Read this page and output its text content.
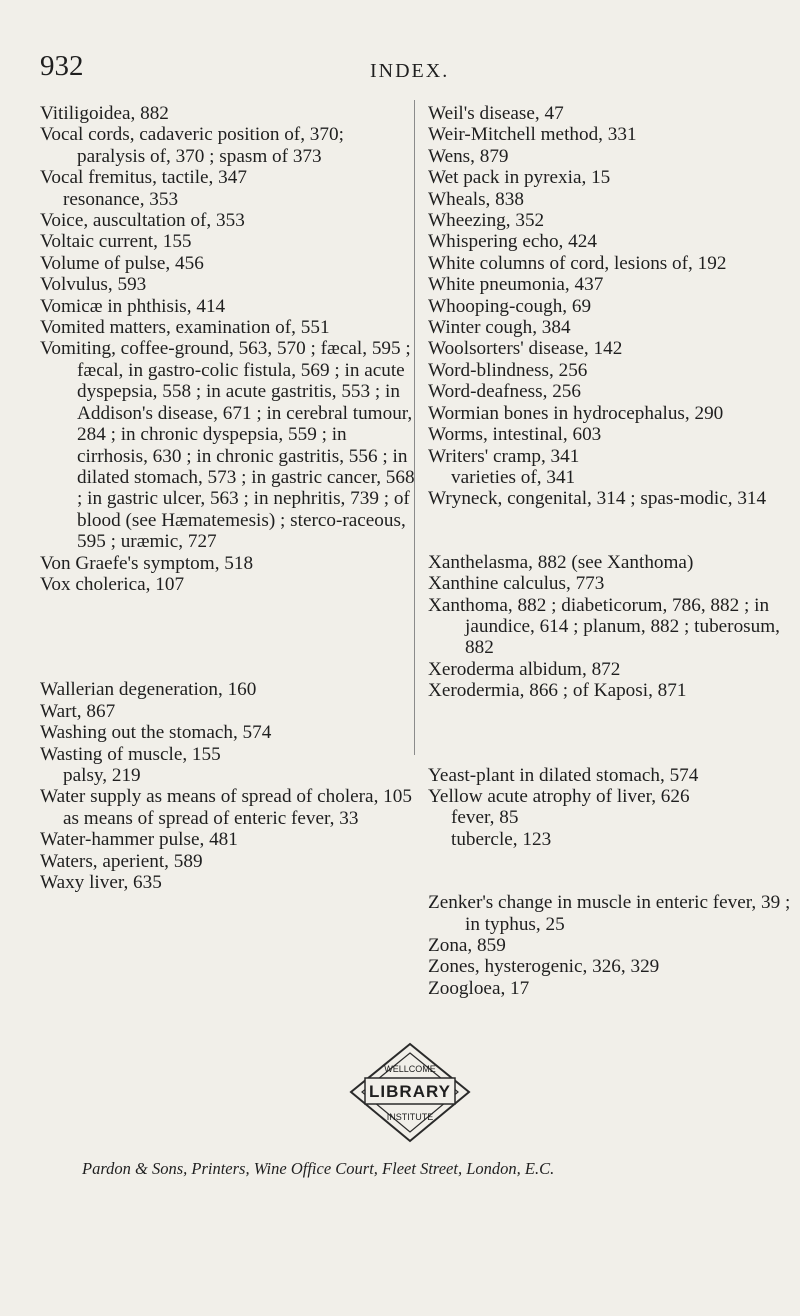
932	INDEX.
Vitiligoidea, 882
Vocal cords, cadaveric position of, 370; paralysis of, 370 ; spasm of 373
Vocal fremitus, tactile, 347
resonance, 353
Voice, auscultation of, 353
Voltaic current, 155
Volume of pulse, 456
Volvulus, 593
Vomicæ in phthisis, 414
Vomited matters, examination of, 551
Vomiting, coffee-ground, 563, 570 ; fæcal, 595 ; fæcal, in gastro-colic fistula, 569 ; in acute dyspepsia, 558 ; in acute gastritis, 553 ; in Addison's disease, 671 ; in cerebral tumour, 284 ; in chronic dyspepsia, 559 ; in cirrhosis, 630 ; in chronic gastritis, 556 ; in dilated stomach, 573 ; in gastric cancer, 568 ; in gastric ulcer, 563 ; in nephritis, 739 ; of blood (see Hæmatemesis) ; sterco-raceous, 595 ; uræmic, 727
Von Graefe's symptom, 518
Vox cholerica, 107
Wallerian degeneration, 160
Wart, 867
Washing out the stomach, 574
Wasting of muscle, 155
palsy, 219
Water supply as means of spread of cholera, 105
as means of spread of enteric fever, 33
Water-hammer pulse, 481
Waters, aperient, 589
Waxy liver, 635
Weil's disease, 47
Weir-Mitchell method, 331
Wens, 879
Wet pack in pyrexia, 15
Wheals, 838
Wheezing, 352
Whispering echo, 424
White columns of cord, lesions of, 192
White pneumonia, 437
Whooping-cough, 69
Winter cough, 384
Woolsorters' disease, 142
Word-blindness, 256
Word-deafness, 256
Wormian bones in hydrocephalus, 290
Worms, intestinal, 603
Writers' cramp, 341
varieties of, 341
Wryneck, congenital, 314 ; spas-modic, 314
Xanthelasma, 882 (see Xanthoma)
Xanthine calculus, 773
Xanthoma, 882 ; diabeticorum, 786, 882 ; in jaundice, 614 ; planum, 882 ; tuberosum, 882
Xeroderma albidum, 872
Xerodermia, 866 ; of Kaposi, 871
Yeast-plant in dilated stomach, 574
Yellow acute atrophy of liver, 626
fever, 85
tubercle, 123
Zenker's change in muscle in enteric fever, 39 ; in typhus, 25
Zona, 859
Zones, hysterogenic, 326, 329
Zoogloea, 17
LIBRARY
WELLCOME
INSTITUTE
Pardon & Sons, Printers, Wine Office Court, Fleet Street, London, E.C.
